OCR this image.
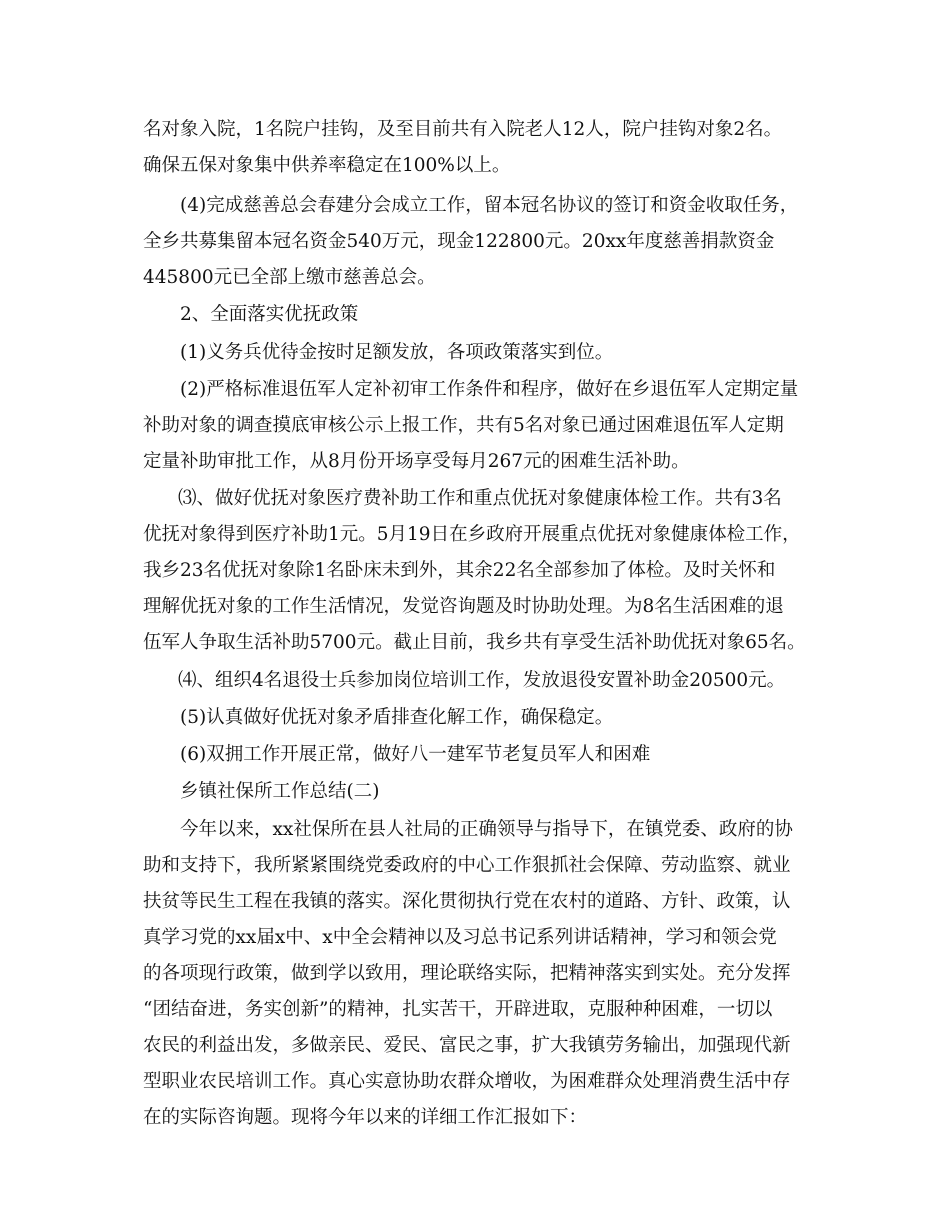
名对象入院，1名院户挂钩，及至目前共有入院老人12人，院户挂钩对象2名。

确保五保对象集中供养率稳定在100%以上。

(4)完成慈善总会春建分会成立工作，留本冠名协议的签订和资金收取任务，

全乡共募集留本冠名资金540万元，现金122800元。20xx年度慈善捐款资金

445800元已全部上缴市慈善总会。

2、全面落实优抚政策

(1)义务兵优待金按时足额发放，各项政策落实到位。

(2)严格标准退伍军人定补初审工作条件和程序，做好在乡退伍军人定期定量

补助对象的调查摸底审核公示上报工作，共有5名对象已通过困难退伍军人定期

定量补助审批工作，从8月份开场享受每月267元的困难生活补助。

⑶、做好优抚对象医疗费补助工作和重点优抚对象健康体检工作。共有3名

优抚对象得到医疗补助1元。5月19日在乡政府开展重点优抚对象健康体检工作，

我乡23名优抚对象除1名卧床未到外，其余22名全部参加了体检。及时关怀和

理解优抚对象的工作生活情况，发觉咨询题及时协助处理。为8名生活困难的退

伍军人争取生活补助5700元。截止目前，我乡共有享受生活补助优抚对象65名。

⑷、组织4名退役士兵参加岗位培训工作，发放退役安置补助金20500元。

(5)认真做好优抚对象矛盾排查化解工作，确保稳定。

(6)双拥工作开展正常，做好八一建军节老复员军人和困难

乡镇社保所工作总结(二)

今年以来，xx社保所在县人社局的正确领导与指导下，在镇党委、政府的协

助和支持下，我所紧紧围绕党委政府的中心工作狠抓社会保障、劳动监察、就业

扶贫等民生工程在我镇的落实。深化贯彻执行党在农村的道路、方针、政策，认

真学习党的xx届x中、x中全会精神以及习总书记系列讲话精神，学习和领会党

的各项现行政策，做到学以致用，理论联络实际，把精神落实到实处。充分发挥

“团结奋进，务实创新”的精神，扎实苦干，开辟进取，克服种种困难，一切以

农民的利益出发，多做亲民、爱民、富民之事，扩大我镇劳务输出，加强现代新

型职业农民培训工作。真心实意协助农群众增收，为困难群众处理消费生活中存

在的实际咨询题。现将今年以来的详细工作汇报如下：
